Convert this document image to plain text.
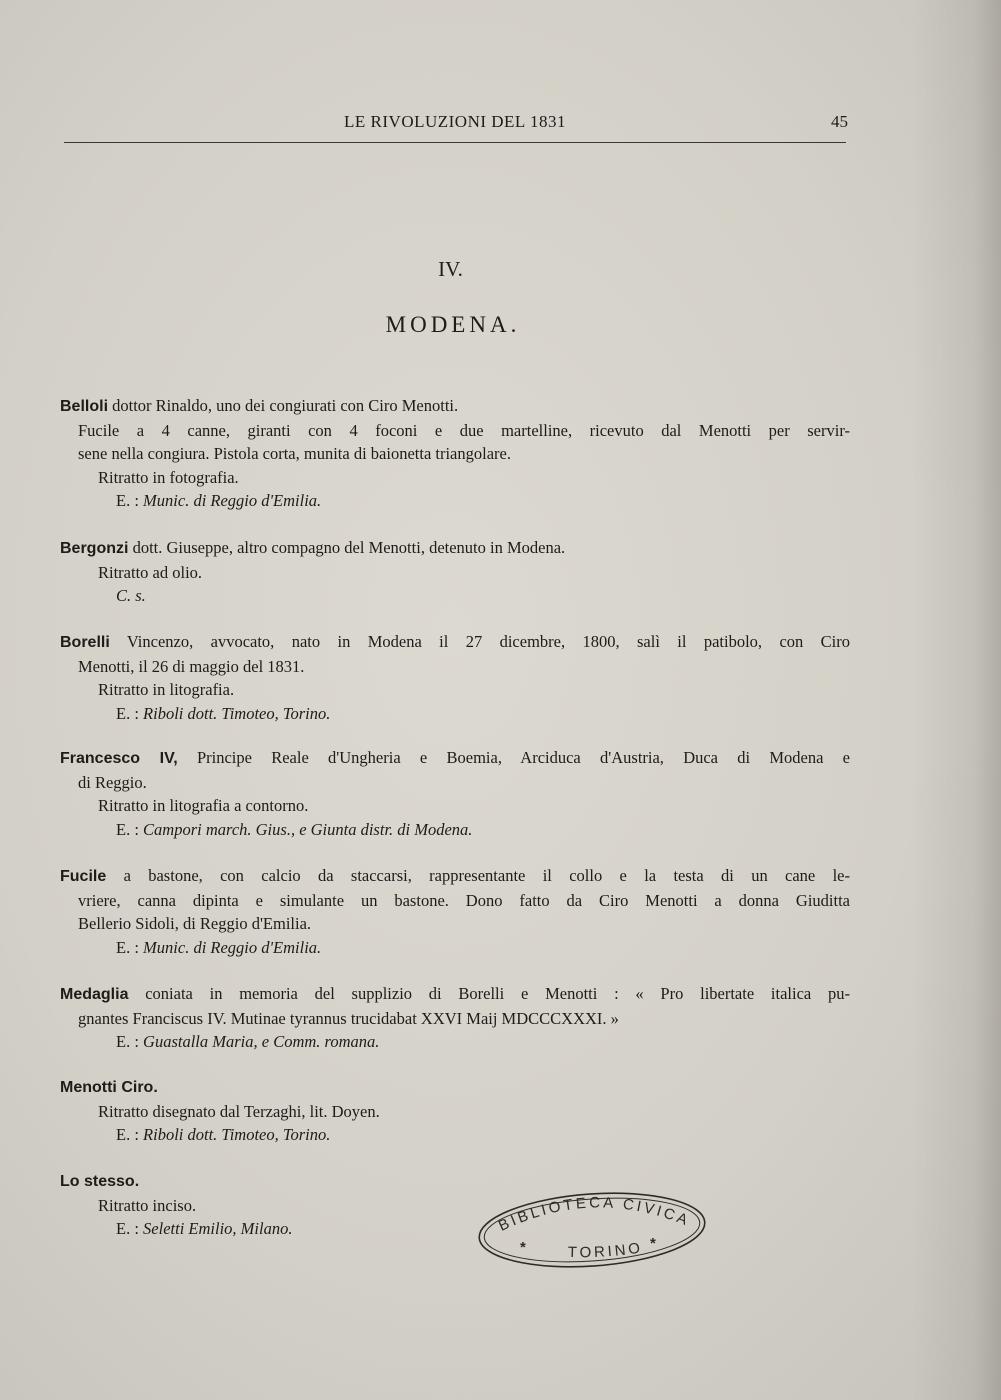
LE RIVOLUZIONI DEL 1831	45
IV.
MODENA.
Belloli dottor Rinaldo, uno dei congiurati con Ciro Menotti.
Fucile a 4 canne, giranti con 4 foconi e due martelline, ricevuto dal Menotti per servir-
sene nella congiura. Pistola corta, munita di baionetta triangolare.
Ritratto in fotografia.
E. : Munic. di Reggio d'Emilia.
Bergonzi dott. Giuseppe, altro compagno del Menotti, detenuto in Modena.
Ritratto ad olio.
C. s.
Borelli Vincenzo, avvocato, nato in Modena il 27 dicembre, 1800, salì il patibolo, con Ciro
Menotti, il 26 di maggio del 1831.
Ritratto in litografia.
E. : Riboli dott. Timoteo, Torino.
Francesco IV, Principe Reale d'Ungheria e Boemia, Arciduca d'Austria, Duca di Modena e
di Reggio.
Ritratto in litografia a contorno.
E. : Campori march. Gius., e Giunta distr. di Modena.
Fucile a bastone, con calcio da staccarsi, rappresentante il collo e la testa di un cane le-
vriere, canna dipinta e simulante un bastone. Dono fatto da Ciro Menotti a donna Giuditta
Bellerio Sidoli, di Reggio d'Emilia.
E. : Munic. di Reggio d'Emilia.
Medaglia coniata in memoria del supplizio di Borelli e Menotti : « Pro libertate italica pu-
gnantes Franciscus IV. Mutinae tyrannus trucidabat XXVI Maij MDCCCXXXI. »
E. : Guastalla Maria, e Comm. romana.
Menotti Ciro.
Ritratto disegnato dal Terzaghi, lit. Doyen.
E. : Riboli dott. Timoteo, Torino.
Lo stesso.
Ritratto inciso.
E. : Seletti Emilio, Milano.	BIBLIOTECA CIVICA
TORINO
*	*
